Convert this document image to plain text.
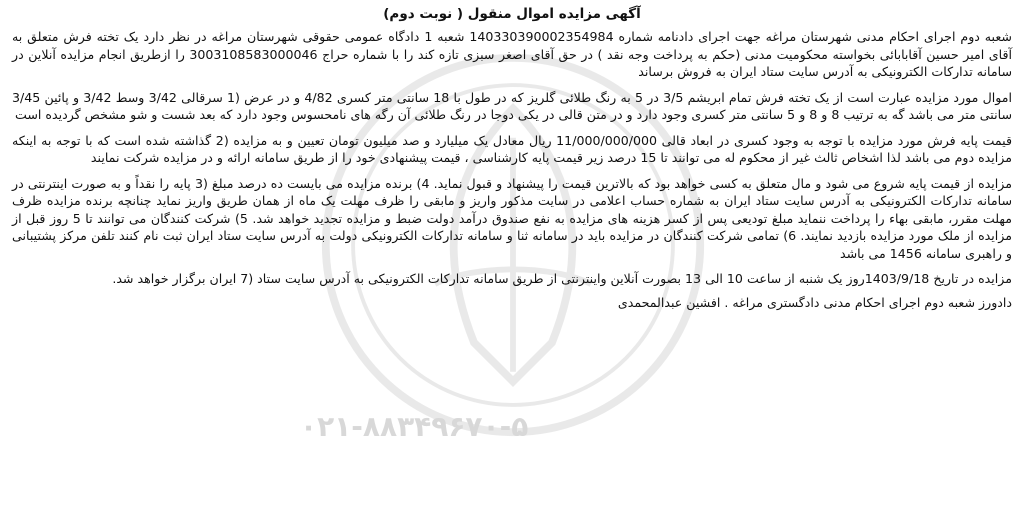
۰۲۱-۸۸۳۴۹۶۷۰-۵
آگهی مزایده اموال منقول ( نوبت دوم)

شعبه دوم اجرای احکام مدنی شهرستان مراغه جهت اجرای دادنامه شماره 140330390002354984 شعبه 1 دادگاه عمومی حقوقی شهرستان مراغه در نظر دارد یک تخته فرش متعلق به آقای امیر حسین آقابابائی بخواسته محکومیت مدنی (حکم به پرداخت وجه نقد ) در حق آقای اصغر سبزی تازه کند را با شماره حراج 3003108583000046 را ازطریق انجام مزایده آنلاین در سامانه تدارکات الکترونیکی به آدرس سایت ستاد ایران به فروش برساند

اموال مورد مزایده عبارت است از یک تخته فرش تمام ابریشم 3/5 در 5 به رنگ طلائی گلریز که در طول با 18 سانتی متر کسری 4/82 و در عرض (1 سرقالی 3/42 وسط 3/42 و پائین 3/45 سانتی متر می باشد گه به ترتیب 8 و 8 و 5 سانتی متر کسری وجود دارد و در متن قالی در یکی دوجا در رنگ طلائی آن رگه های نامحسوس وجود دارد که بعد شست و شو مشخص گردیده است

قیمت پایه فرش مورد مزایده با توجه به وجود کسری در ابعاد قالی 11/000/000/000 ریال معادل یک میلیارد و صد میلیون تومان تعیین و به مزایده (2 گذاشته شده است که با توجه به اینکه مزایده دوم می باشد لذا اشخاص ثالث غیر از محکوم له می توانند تا 15 درصد زیر قیمت پایه کارشناسی ، قیمت پیشنهادی خود را از طریق سامانه ارائه و در مزایده شرکت نمایند

مزایده از قیمت پایه شروع می شود و مال متعلق به کسی خواهد بود که بالاترین قیمت را پیشنهاد و قبول نماید. 4) برنده مزایده می بایست ده درصد مبلغ (3 پایه را نقداً و به صورت اینترنتی در سامانه تدارکات الکترونیکی به آدرس سایت ستاد ایران به شماره حساب اعلامی در سایت مذکور واریز و مابقی را ظرف مهلت یک ماه از همان طریق واریز نماید چنانچه برنده مزایده ظرف مهلت مقرر، مابقی بهاء را پرداخت ننماید مبلغ تودیعی پس از کسر هزینه های مزایده به نفع صندوق درآمد دولت ضبط و مزایده تجدید خواهد شد. 5) شرکت کنندگان می توانند تا 5 روز قبل از مزایده از ملک مورد مزایده بازدید نمایند. 6) تمامی شرکت کنندگان در مزایده باید در سامانه ثنا و سامانه تدارکات الکترونیکی دولت به آدرس سایت ستاد ایران ثبت نام کنند تلفن مرکز پشتیبانی و راهبری سامانه 1456 می باشد

مزایده در تاریخ 1403/9/18روز یک شنبه از ساعت 10 الی 13 بصورت آنلاین واینترنتی از طریق سامانه تدارکات الکترونیکی به آدرس سایت ستاد (7 ایران برگزار خواهد شد.

دادورز شعبه دوم اجرای احکام مدنی دادگستری مراغه . افشین عبدالمحمدی
